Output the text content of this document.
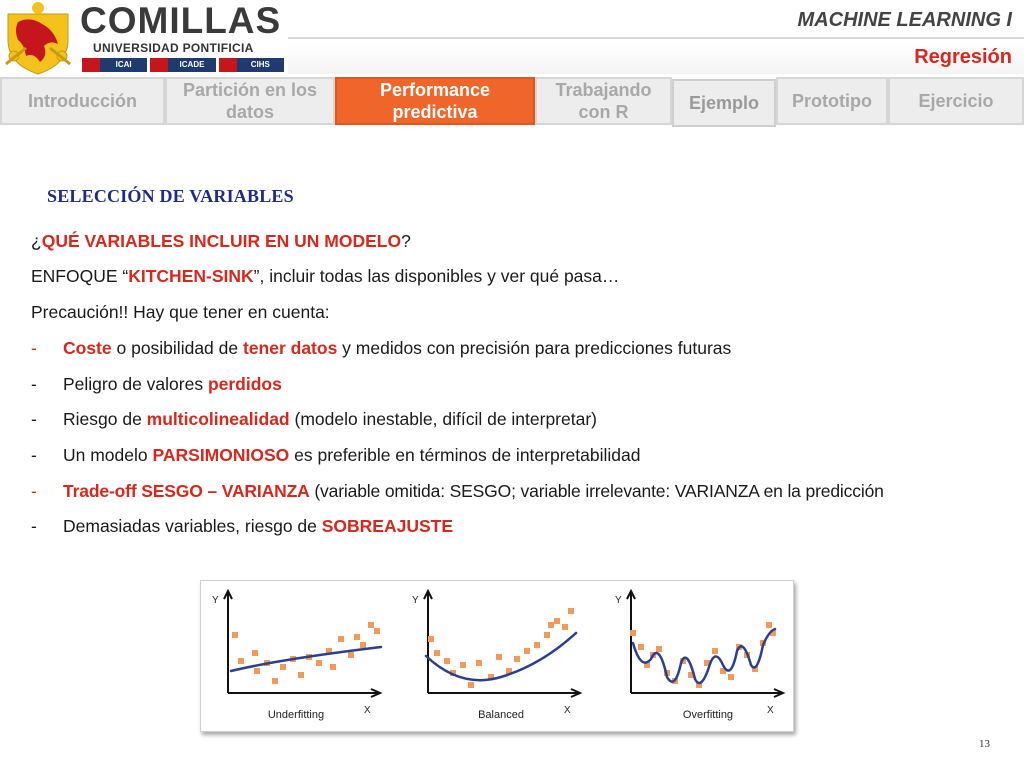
COMILLAS
UNIVERSIDAD PONTIFICIA
ICAI	ICADE	CIHS
MACHINE LEARNING I
Regresión
Introducción
Partición en los datos
Performance predictiva
Trabajando con R	Ejemplo	Prototipo	Ejercicio
SELECCIÓN DE VARIABLES
¿QUÉ VARIABLES INCLUIR EN UN MODELO?
ENFOQUE “KITCHEN-SINK”, incluir todas las disponibles y ver qué pasa…
Precaución!! Hay que tener en cuenta:
- Coste o posibilidad de tener datos y medidos con precisión para predicciones futuras
- Peligro de valores perdidos
- Riesgo de multicolinealidad (modelo inestable, difícil de interpretar)
- Un modelo PARSIMONIOSO es preferible en términos de interpretabilidad
- Trade-off SESGO – VARIANZA (variable omitida: SESGO; variable irrelevante: VARIANZA en la predicción
- Demasiadas variables, riesgo de SOBREAJUSTE
Y
X
Y
X
Y
X
Underfitting	Balanced	Overfitting
13
